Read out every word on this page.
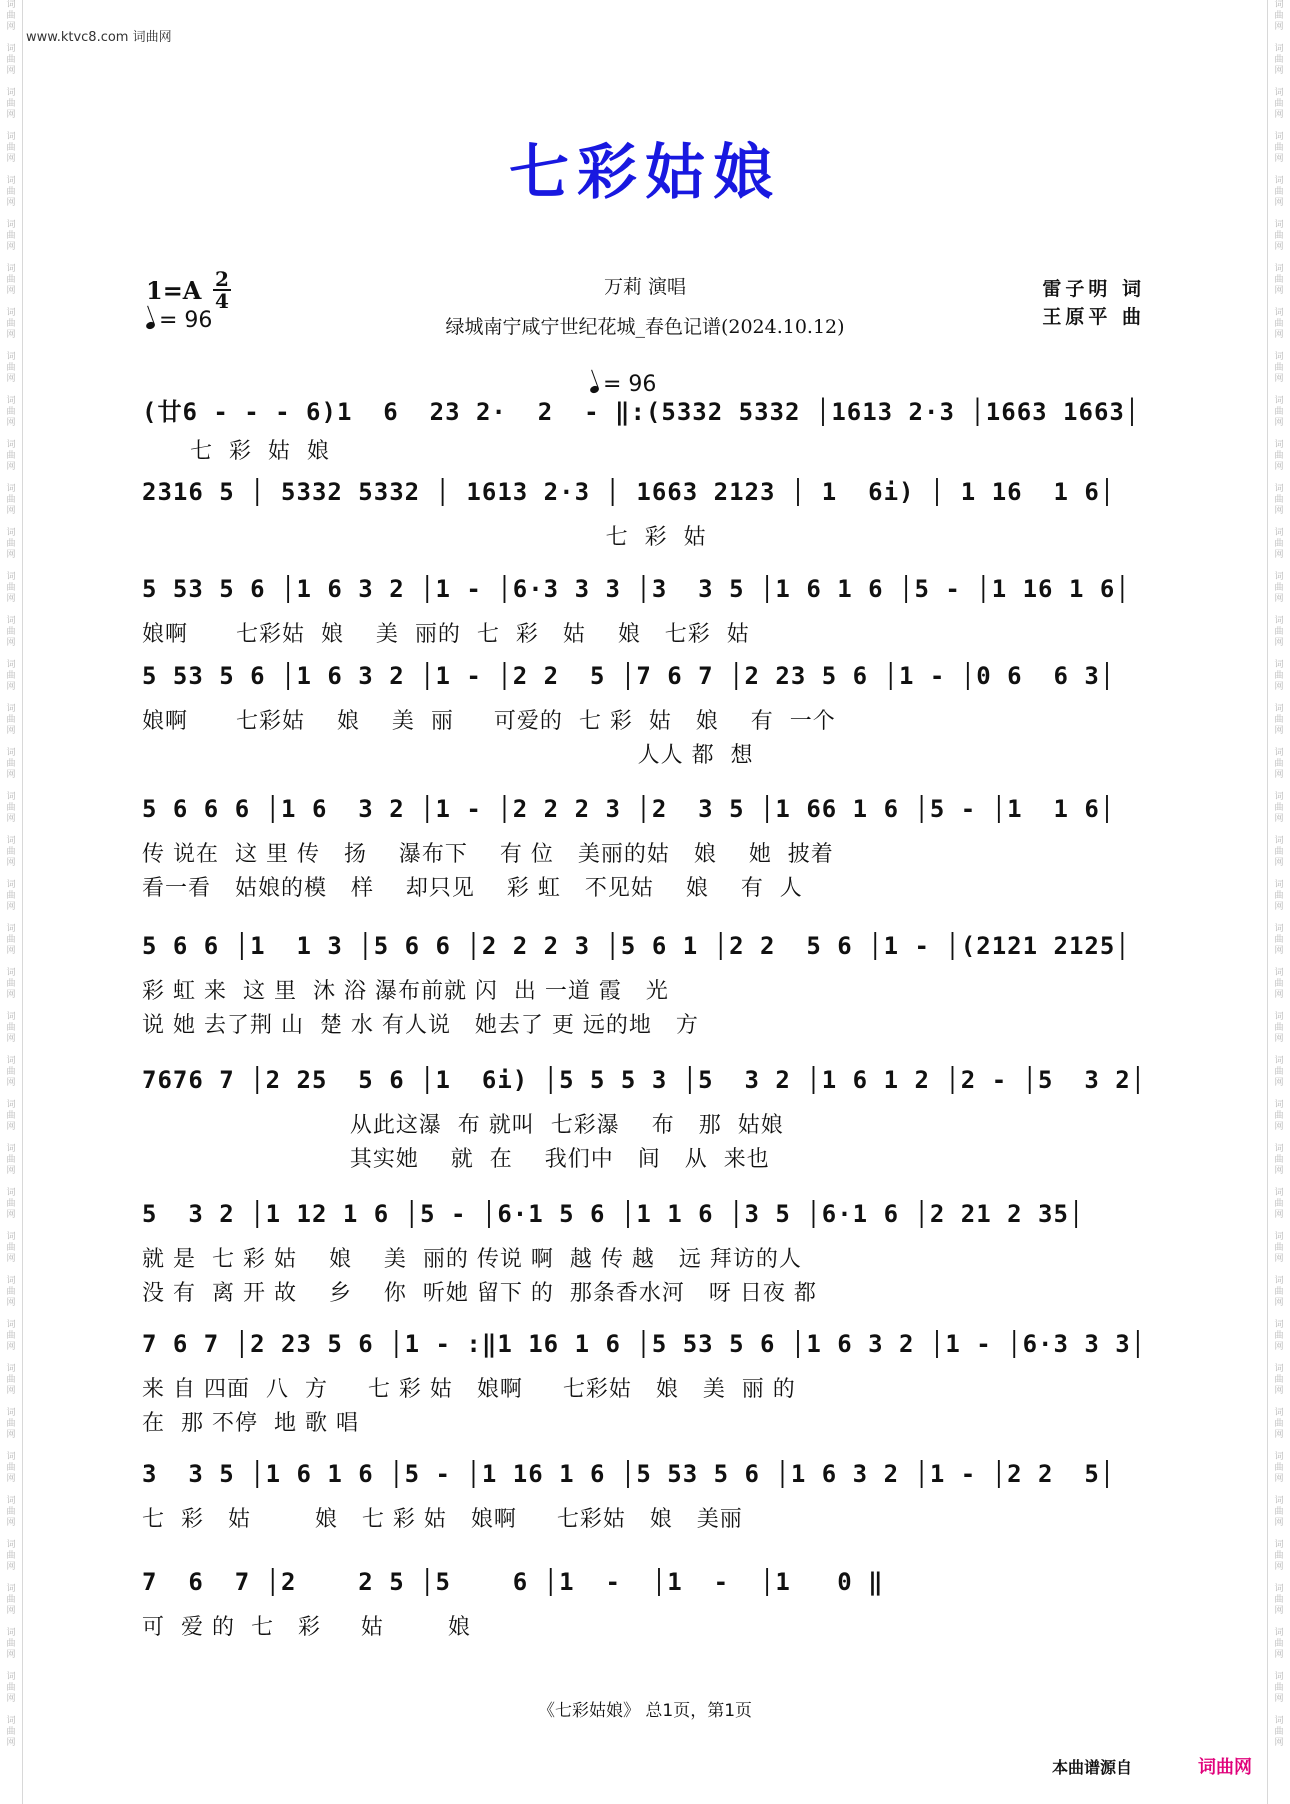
词
曲
网

词
曲
网

词
曲
网

词
曲
网

词
曲
网

词
曲
网

词
曲
网

词
曲
网

词
曲
网

词
曲
网

词
曲
网

词
曲
网

词
曲
网

词
曲
网

词
曲
网

词
曲
网

词
曲
网

词
曲
网

词
曲
网

词
曲
网

词
曲
网

词
曲
网

词
曲
网

词
曲
网

词
曲
网

词
曲
网

词
曲
网

词
曲
网

词
曲
网

词
曲
网

词
曲
网

词
曲
网

词
曲
网

词
曲
网

词
曲
网

词
曲
网

词
曲
网

词
曲
网

词
曲
网

词
曲
网
词
曲
网

词
曲
网

词
曲
网

词
曲
网

词
曲
网

词
曲
网

词
曲
网

词
曲
网

词
曲
网

词
曲
网

词
曲
网

词
曲
网

词
曲
网

词
曲
网

词
曲
网

词
曲
网

词
曲
网

词
曲
网

词
曲
网

词
曲
网

词
曲
网

词
曲
网

词
曲
网

词
曲
网

词
曲
网

词
曲
网

词
曲
网

词
曲
网

词
曲
网

词
曲
网

词
曲
网

词
曲
网

词
曲
网

词
曲
网

词
曲
网

词
曲
网

词
曲
网

词
曲
网

词
曲
网

词
曲
网
www.ktvc8.com 词曲网
七彩姑娘
1=A 2
4
= 96
万莉 演唱
绿城南宁咸宁世纪花城_春色记谱(2024.10.12)
雷子明 词
王原平 曲
= 96
(廿6 - - - 6)1  6  23 2·  2  - ‖:(5332 5332 │1613 2·3 │1663 1663│
七  彩  姑  娘
2316 5 │ 5332 5332 │ 1613 2·3 │ 1663 2123 │ 1  6i) │ 1 16  1 6│
七  彩  姑
5 53 5 6 │1 6 3 2 │1 - │6·3 3 3 │3  3 5 │1 6 1 6 │5 - │1 16 1 6│
娘啊      七彩姑  娘    美  丽的  七  彩   姑    娘   七彩  姑
5 53 5 6 │1 6 3 2 │1 - │2 2  5 │7 6 7 │2 23 5 6 │1 - │0 6  6 3│
娘啊      七彩姑    娘    美  丽     可爱的  七 彩  姑   娘    有  一个
人人 都  想
5 6 6 6 │1 6  3 2 │1 - │2 2 2 3 │2  3 5 │1 66 1 6 │5 - │1  1 6│
传 说在  这 里 传   扬    瀑布下    有 位   美丽的姑   娘    她  披着
看一看   姑娘的模   样    却只见    彩 虹   不见姑    娘    有  人
5 6 6 │1  1 3 │5 6 6 │2 2 2 3 │5 6 1 │2 2  5 6 │1 - │(2121 2125│
彩 虹 来  这 里  沐 浴 瀑布前就 闪  出 一道 霞   光
说 她 去了荆 山  楚 水 有人说   她去了 更 远的地   方
7676 7 │2 25  5 6 │1  6i) │5 5 5 3 │5  3 2 │1 6 1 2 │2 - │5  3 2│
从此这瀑  布 就叫  七彩瀑    布   那  姑娘
其实她    就  在    我们中   间   从  来也
5  3 2 │1 12 1 6 │5 - │6·1 5 6 │1 1 6 │3 5 │6·1 6 │2 21 2 35│
就 是  七 彩 姑    娘    美  丽的 传说 啊  越 传 越   远 拜访的人
没 有  离 开 故    乡    你  听她 留下 的  那条香水河   呀 日夜 都
7 6 7 │2 23 5 6 │1 - :‖1 16 1 6 │5 53 5 6 │1 6 3 2 │1 - │6·3 3 3│
来 自 四面  八  方     七 彩 姑   娘啊     七彩姑   娘   美  丽 的
在  那 不停  地 歌 唱
3  3 5 │1 6 1 6 │5 - │1 16 1 6 │5 53 5 6 │1 6 3 2 │1 - │2 2  5│
七  彩   姑        娘   七 彩 姑   娘啊     七彩姑   娘   美丽
7  6  7 │2    2 5 │5    6 │1  -  │1  -  │1   0 ‖
可  爱 的  七   彩     姑        娘
《七彩姑娘》 总1页，第1页
本曲谱源自	词曲网
